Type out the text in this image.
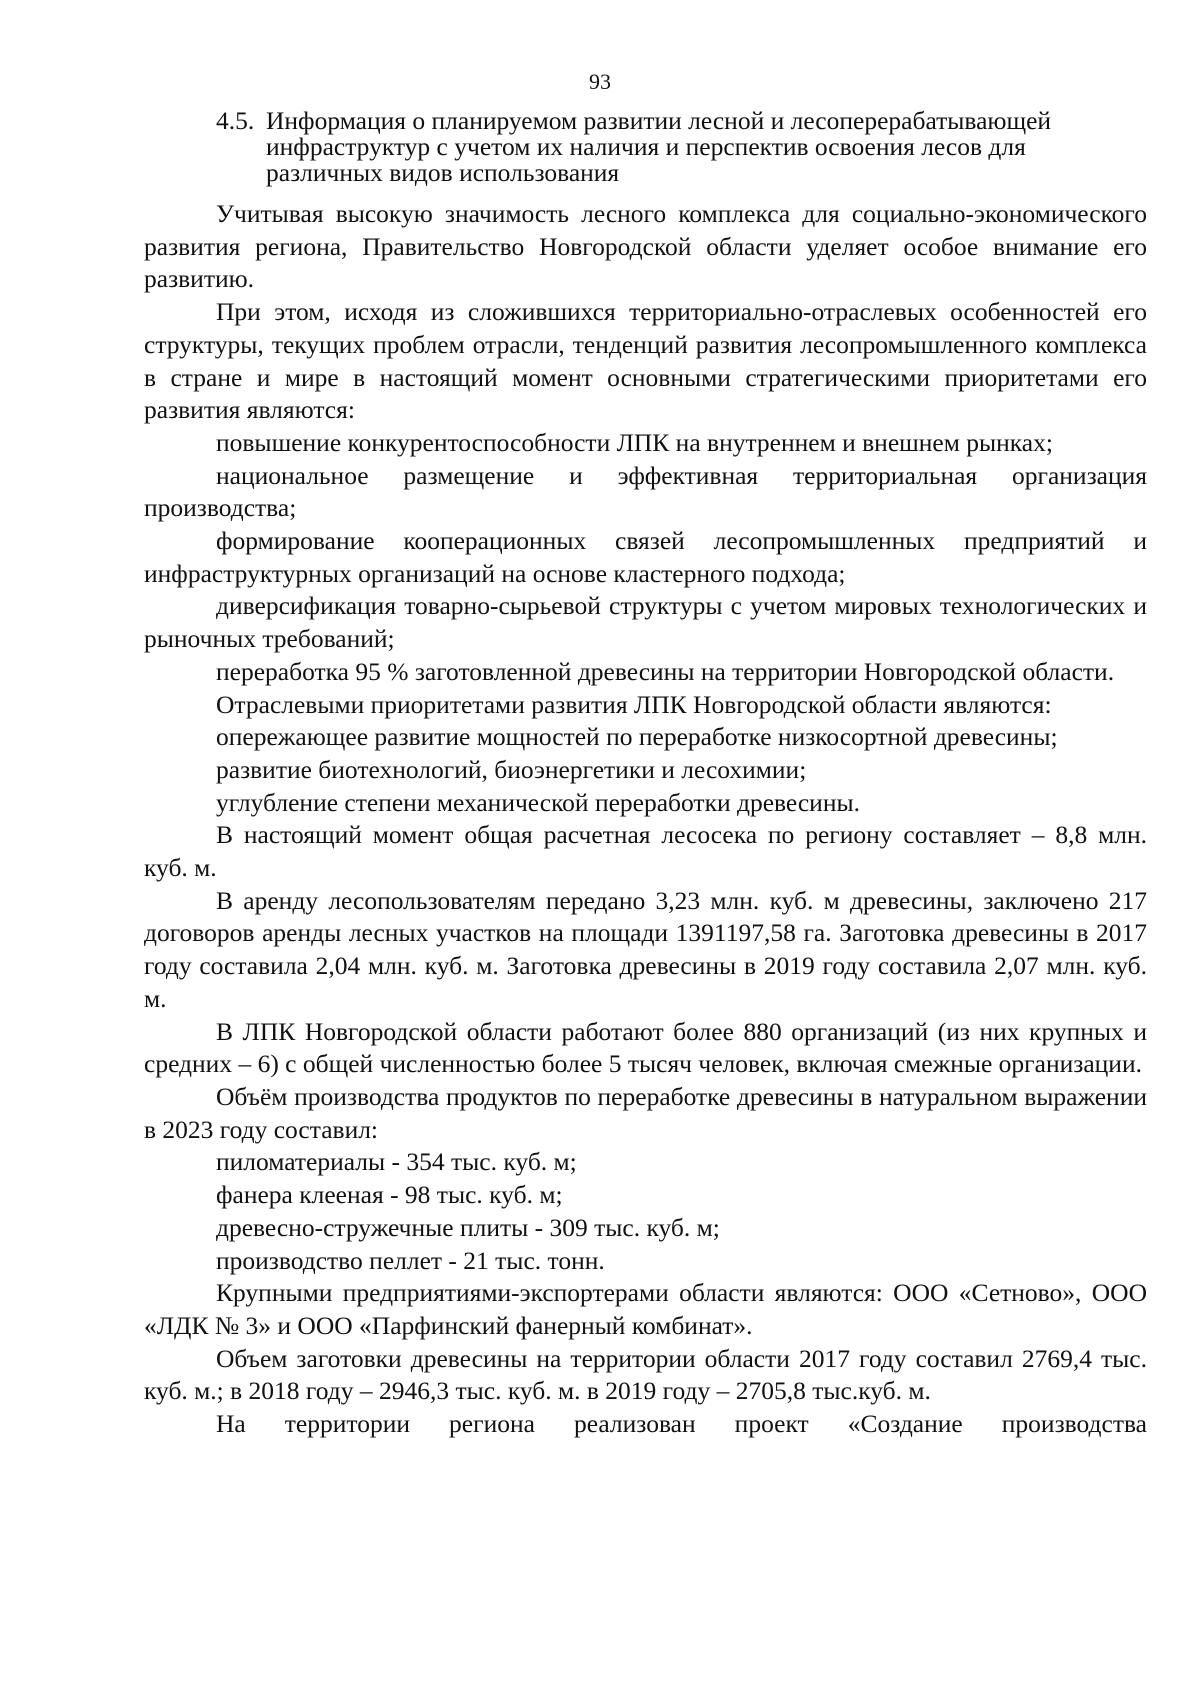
93
4.5. Информация о планируемом развитии лесной и лесоперерабатывающей
инфраструктур с учетом их наличия и перспектив освоения лесов для
различных видов использования

Учитывая высокую значимость лесного комплекса для социально-экономического развития региона, Правительство Новгородской области уделяет особое внимание его развитию.

При этом, исходя из сложившихся территориально-отраслевых особенностей его структуры, текущих проблем отрасли, тенденций развития лесопромышленного комплекса в стране и мире в настоящий момент основными стратегическими приоритетами его развития являются:

повышение конкурентоспособности ЛПК на внутреннем и внешнем рынках;

национальное размещение и эффективная территориальная организация производства;

формирование кооперационных связей лесопромышленных предприятий и инфраструктурных организаций на основе кластерного подхода;

диверсификация товарно-сырьевой структуры с учетом мировых технологических и рыночных требований;

переработка 95 % заготовленной древесины на территории Новгородской области.

Отраслевыми приоритетами развития ЛПК Новгородской области являются:

опережающее развитие мощностей по переработке низкосортной древесины;

развитие биотехнологий, биоэнергетики и лесохимии;

углубление степени механической переработки древесины.

В настоящий момент общая расчетная лесосека по региону составляет – 8,8 млн. куб. м.

В аренду лесопользователям передано 3,23 млн. куб. м древесины, заключено 217 договоров аренды лесных участков на площади 1391197,58 га. Заготовка древесины в 2017 году составила 2,04 млн. куб. м. Заготовка древесины в 2019 году составила 2,07 млн. куб. м.

В ЛПК Новгородской области работают более 880 организаций (из них крупных и средних – 6) с общей численностью более 5 тысяч человек, включая смежные организации.

Объём производства продуктов по переработке древесины в натуральном выражении в 2023 году составил:

пиломатериалы - 354 тыс. куб. м;

фанера клееная - 98 тыс. куб. м;

древесно-стружечные плиты - 309 тыс. куб. м;

производство пеллет - 21 тыс. тонн.

Крупными предприятиями-экспортерами области являются: ООО «Сетново», ООО «ЛДК № 3» и ООО «Парфинский фанерный комбинат».

Объем заготовки древесины на территории области 2017 году составил 2769,4 тыс. куб. м.; в 2018 году – 2946,3 тыс. куб. м. в 2019 году – 2705,8 тыс.куб. м.

На территории региона реализован проект «Создание производства
